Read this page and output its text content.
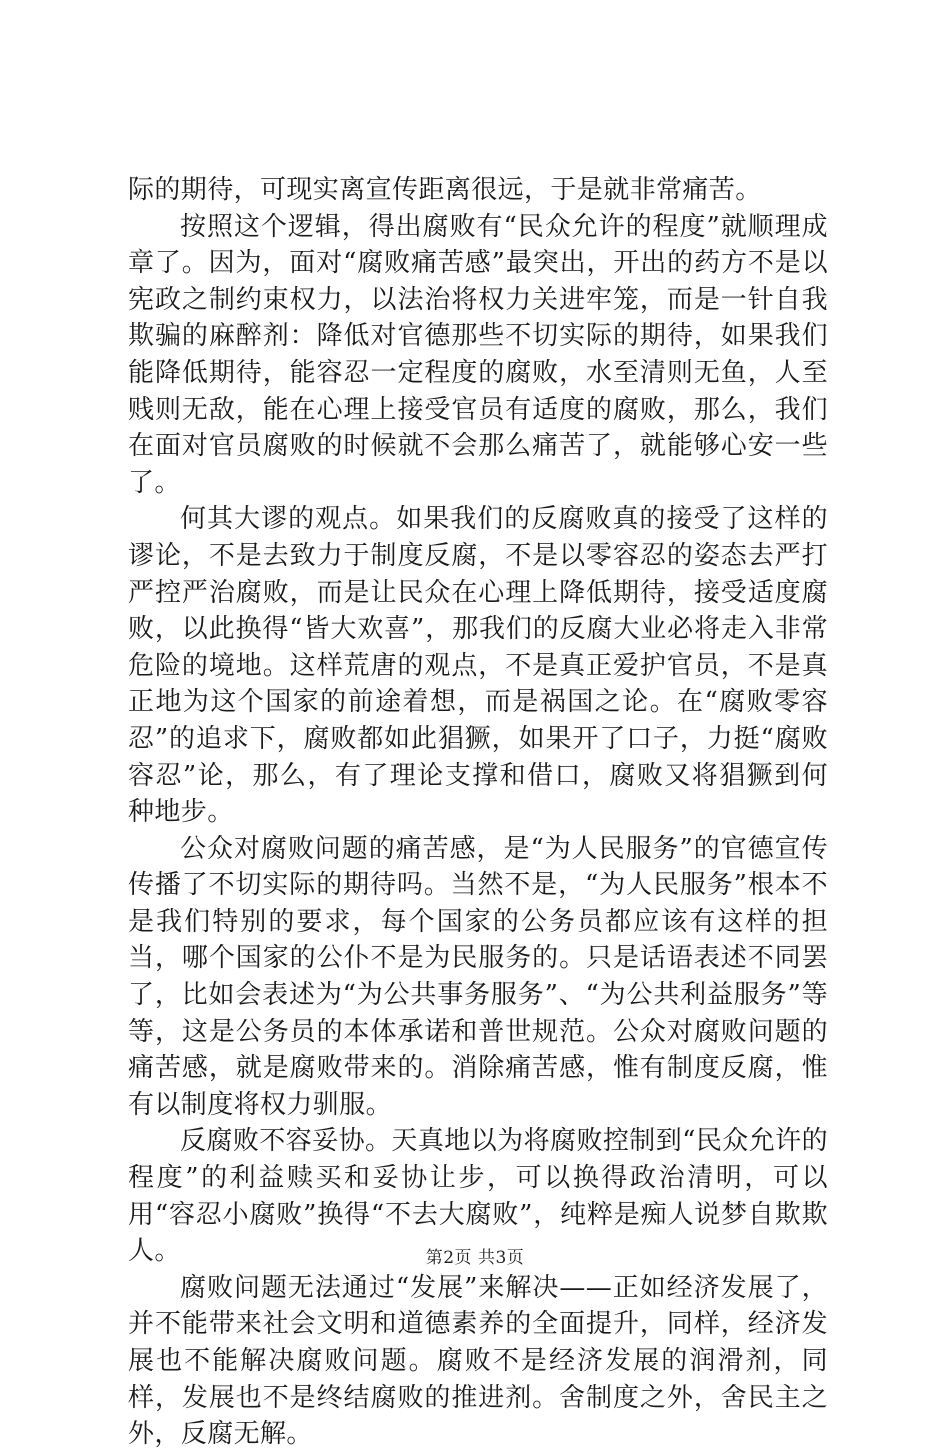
际的期待，可现实离宣传距离很远，于是就非常痛苦。

按照这个逻辑，得出腐败有“民众允许的程度”就顺理成章了。因为，面对“腐败痛苦感”最突出，开出的药方不是以宪政之制约束权力，以法治将权力关进牢笼，而是一针自我欺骗的麻醉剂：降低对官德那些不切实际的期待，如果我们能降低期待，能容忍一定程度的腐败，水至清则无鱼，人至贱则无敌，能在心理上接受官员有适度的腐败，那么，我们在面对官员腐败的时候就不会那么痛苦了，就能够心安一些了。

何其大谬的观点。如果我们的反腐败真的接受了这样的谬论，不是去致力于制度反腐，不是以零容忍的姿态去严打严控严治腐败，而是让民众在心理上降低期待，接受适度腐败，以此换得“皆大欢喜”，那我们的反腐大业必将走入非常危险的境地。这样荒唐的观点，不是真正爱护官员，不是真正地为这个国家的前途着想，而是祸国之论。在“腐败零容忍”的追求下，腐败都如此猖獗，如果开了口子，力挺“腐败容忍”论，那么，有了理论支撑和借口，腐败又将猖獗到何种地步。

公众对腐败问题的痛苦感，是“为人民服务”的官德宣传传播了不切实际的期待吗。当然不是，“为人民服务”根本不是我们特别的要求，每个国家的公务员都应该有这样的担当，哪个国家的公仆不是为民服务的。只是话语表述不同罢了，比如会表述为“为公共事务服务”、“为公共利益服务”等等，这是公务员的本体承诺和普世规范。公众对腐败问题的痛苦感，就是腐败带来的。消除痛苦感，惟有制度反腐，惟有以制度将权力驯服。

反腐败不容妥协。天真地以为将腐败控制到“民众允许的程度”的利益赎买和妥协让步，可以换得政治清明，可以用“容忍小腐败”换得“不去大腐败”，纯粹是痴人说梦自欺欺人。

腐败问题无法通过“发展”来解决——正如经济发展了，并不能带来社会文明和道德素养的全面提升，同样，经济发展也不能解决腐败问题。腐败不是经济发展的润滑剂，同样，发展也不是终结腐败的推进剂。舍制度之外，舍民主之外，反腐无解。

第2页 共3页
